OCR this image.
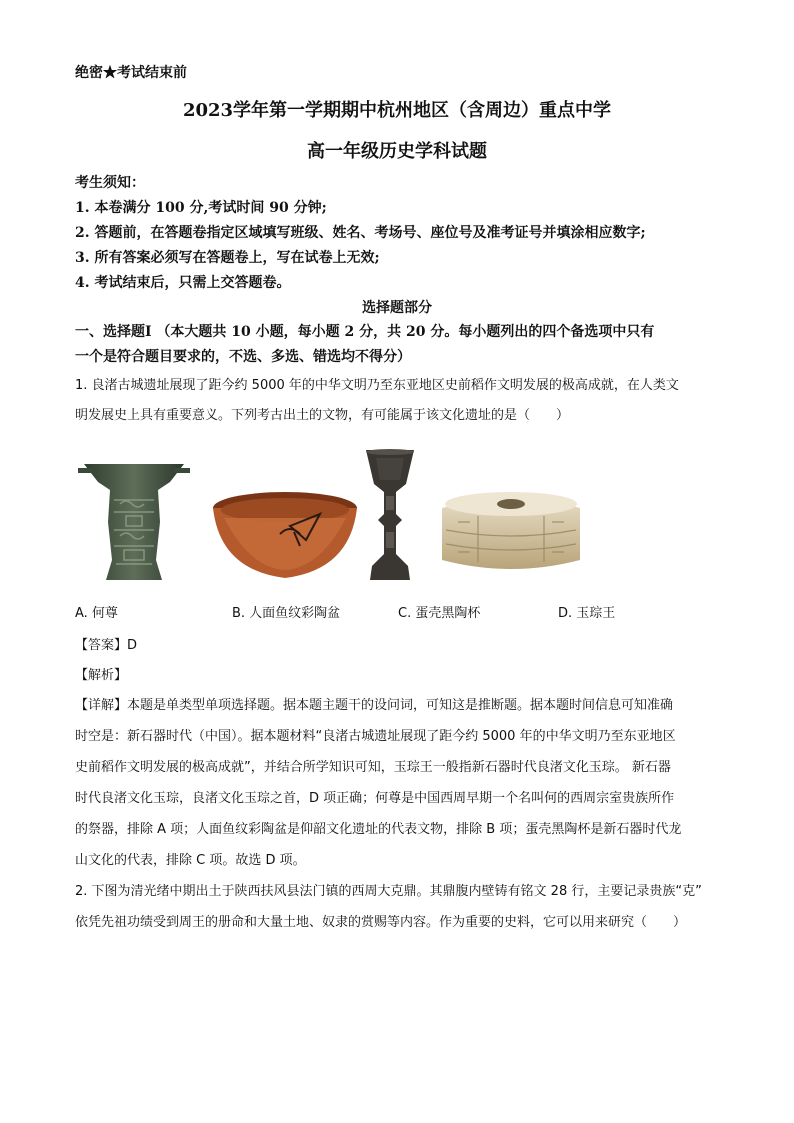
绝密★考试结束前
2023学年第一学期期中杭州地区（含周边）重点中学
高一年级历史学科试题
考生须知：
1. 本卷满分 100 分,考试时间 90 分钟;
2. 答题前，在答题卷指定区域填写班级、姓名、考场号、座位号及准考证号并填涂相应数字;
3. 所有答案必须写在答题卷上，写在试卷上无效;
4. 考试结束后，只需上交答题卷。
选择题部分
一、选择题Ⅰ （本大题共 10 小题，每小题 2 分，共 20 分。每小题列出的四个备选项中只有
一个是符合题目要求的，不选、多选、错选均不得分）
1. 良渚古城遗址展现了距今约 5000 年的中华文明乃至东亚地区史前稻作文明发展的极高成就，在人类文
明发展史上具有重要意义。下列考古出土的文物，有可能属于该文化遗址的是（　　）
A. 何尊	B. 人面鱼纹彩陶盆	C. 蛋壳黑陶杯	D. 玉琮王
【答案】D
【解析】
【详解】本题是单类型单项选择题。据本题主题干的设问词，可知这是推断题。据本题时间信息可知准确
时空是：新石器时代（中国）。据本题材料“良渚古城遗址展现了距今约 5000 年的中华文明乃至东亚地区
史前稻作文明发展的极高成就”，并结合所学知识可知，玉琮王一般指新石器时代良渚文化玉琮。 新石器
时代良渚文化玉琮，良渚文化玉琮之首，D 项正确；何尊是中国西周早期一个名叫何的西周宗室贵族所作
的祭器，排除 A 项；人面鱼纹彩陶盆是仰韶文化遗址的代表文物，排除 B 项；蛋壳黑陶杯是新石器时代龙
山文化的代表，排除 C 项。故选 D 项。
2. 下图为清光绪中期出土于陕西扶风县法门镇的西周大克鼎。其鼎腹内壁铸有铭文 28 行，主要记录贵族“克”
依凭先祖功绩受到周王的册命和大量土地、奴隶的赏赐等内容。作为重要的史料，它可以用来研究（　　）
